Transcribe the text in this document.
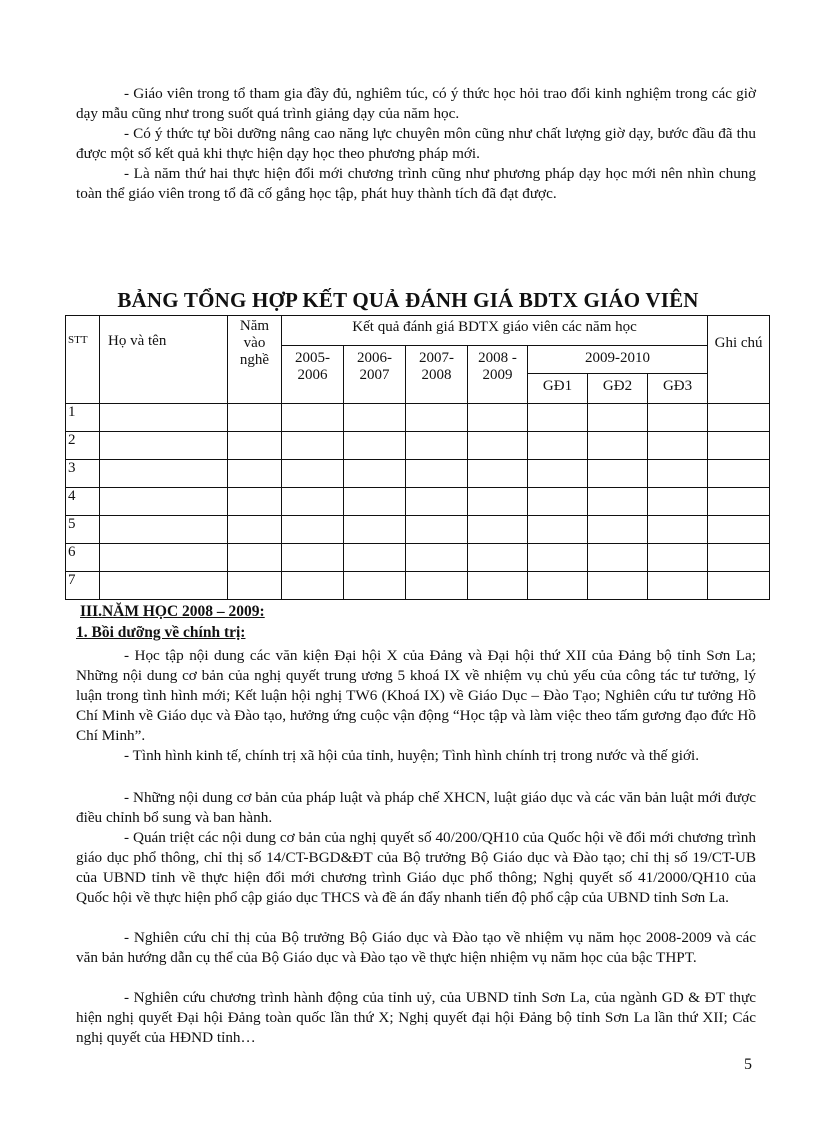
- Giáo viên trong tổ tham gia đầy đủ, nghiêm túc, có ý thức học hỏi trao đổi kinh nghiệm trong các giờ dạy mẫu cũng như trong suốt quá trình giảng dạy của năm học.

- Có ý thức tự bồi dưỡng nâng cao năng lực chuyên môn cũng như chất lượng giờ dạy, bước đầu đã thu được một số kết quả khi thực hiện dạy học theo phương pháp mới.

- Là năm thứ hai thực hiện đổi mới chương trình cũng như phương pháp dạy học mới nên nhìn chung toàn thể giáo viên trong tổ đã cố gắng học tập, phát huy thành tích đã đạt được.

BẢNG TỔNG HỢP KẾT QUẢ ĐÁNH GIÁ BDTX GIÁO VIÊN
STT	Họ và tên	Năm vào nghề	Kết quả đánh giá BDTX giáo viên các năm học							Ghi chú
			2005-2006	2006-2007	2007-2008	2008 - 2009	2009-2010			
							GĐ1	GĐ2	GĐ3	
1										
2										
3										
4										
5										
6										
7										

III.NĂM HỌC 2008 – 2009:

1. Bồi dưỡng về chính trị:

- Học tập nội dung các văn kiện Đại hội X của Đảng và Đại hội thứ XII của Đảng bộ tỉnh Sơn La; Những nội dung cơ bản của nghị quyết trung ương 5 khoá IX về nhiệm vụ chủ yếu của công tác tư tưởng, lý luận trong tình hình mới; Kết luận hội nghị TW6 (Khoá IX) về Giáo Dục – Đào Tạo; Nghiên cứu tư tưởng Hồ Chí Minh về Giáo dục và Đào tạo, hưởng ứng cuộc vận động “Học tập và làm việc theo tấm gương đạo đức Hồ Chí Minh”.

- Tình hình kinh tế, chính trị xã hội của tỉnh, huyện; Tình hình chính trị trong nước và thế giới.

- Những nội dung cơ bản của pháp luật và pháp chế XHCN, luật giáo dục và các văn bản luật mới được điều chỉnh bổ sung và ban hành.

- Quán triệt các nội dung cơ bản của nghị quyết số 40/200/QH10 của Quốc hội về đổi mới chương trình giáo dục phổ thông, chỉ thị số 14/CT-BGD&ĐT của Bộ trưởng Bộ Giáo dục và Đào tạo; chỉ thị số 19/CT-UB của UBND tỉnh về thực hiện đổi mới chương trình Giáo dục phổ thông; Nghị quyết số 41/2000/QH10 của Quốc hội về thực hiện phổ cập giáo dục THCS và đề án đẩy nhanh tiến độ phổ cập của UBND tỉnh Sơn La.

- Nghiên cứu chỉ thị của Bộ trưởng Bộ Giáo dục và Đào tạo về nhiệm vụ năm học 2008-2009 và các văn bản hướng dẫn cụ thể của Bộ Giáo dục và Đào tạo về thực hiện nhiệm vụ năm học của bậc THPT.

- Nghiên cứu chương trình hành động của tỉnh uỷ, của UBND tỉnh Sơn La, của ngành GD & ĐT thực hiện nghị quyết Đại hội Đảng toàn quốc lần thứ X; Nghị quyết đại hội Đảng bộ tỉnh Sơn La lần thứ XII; Các nghị quyết của HĐND tỉnh…

5
